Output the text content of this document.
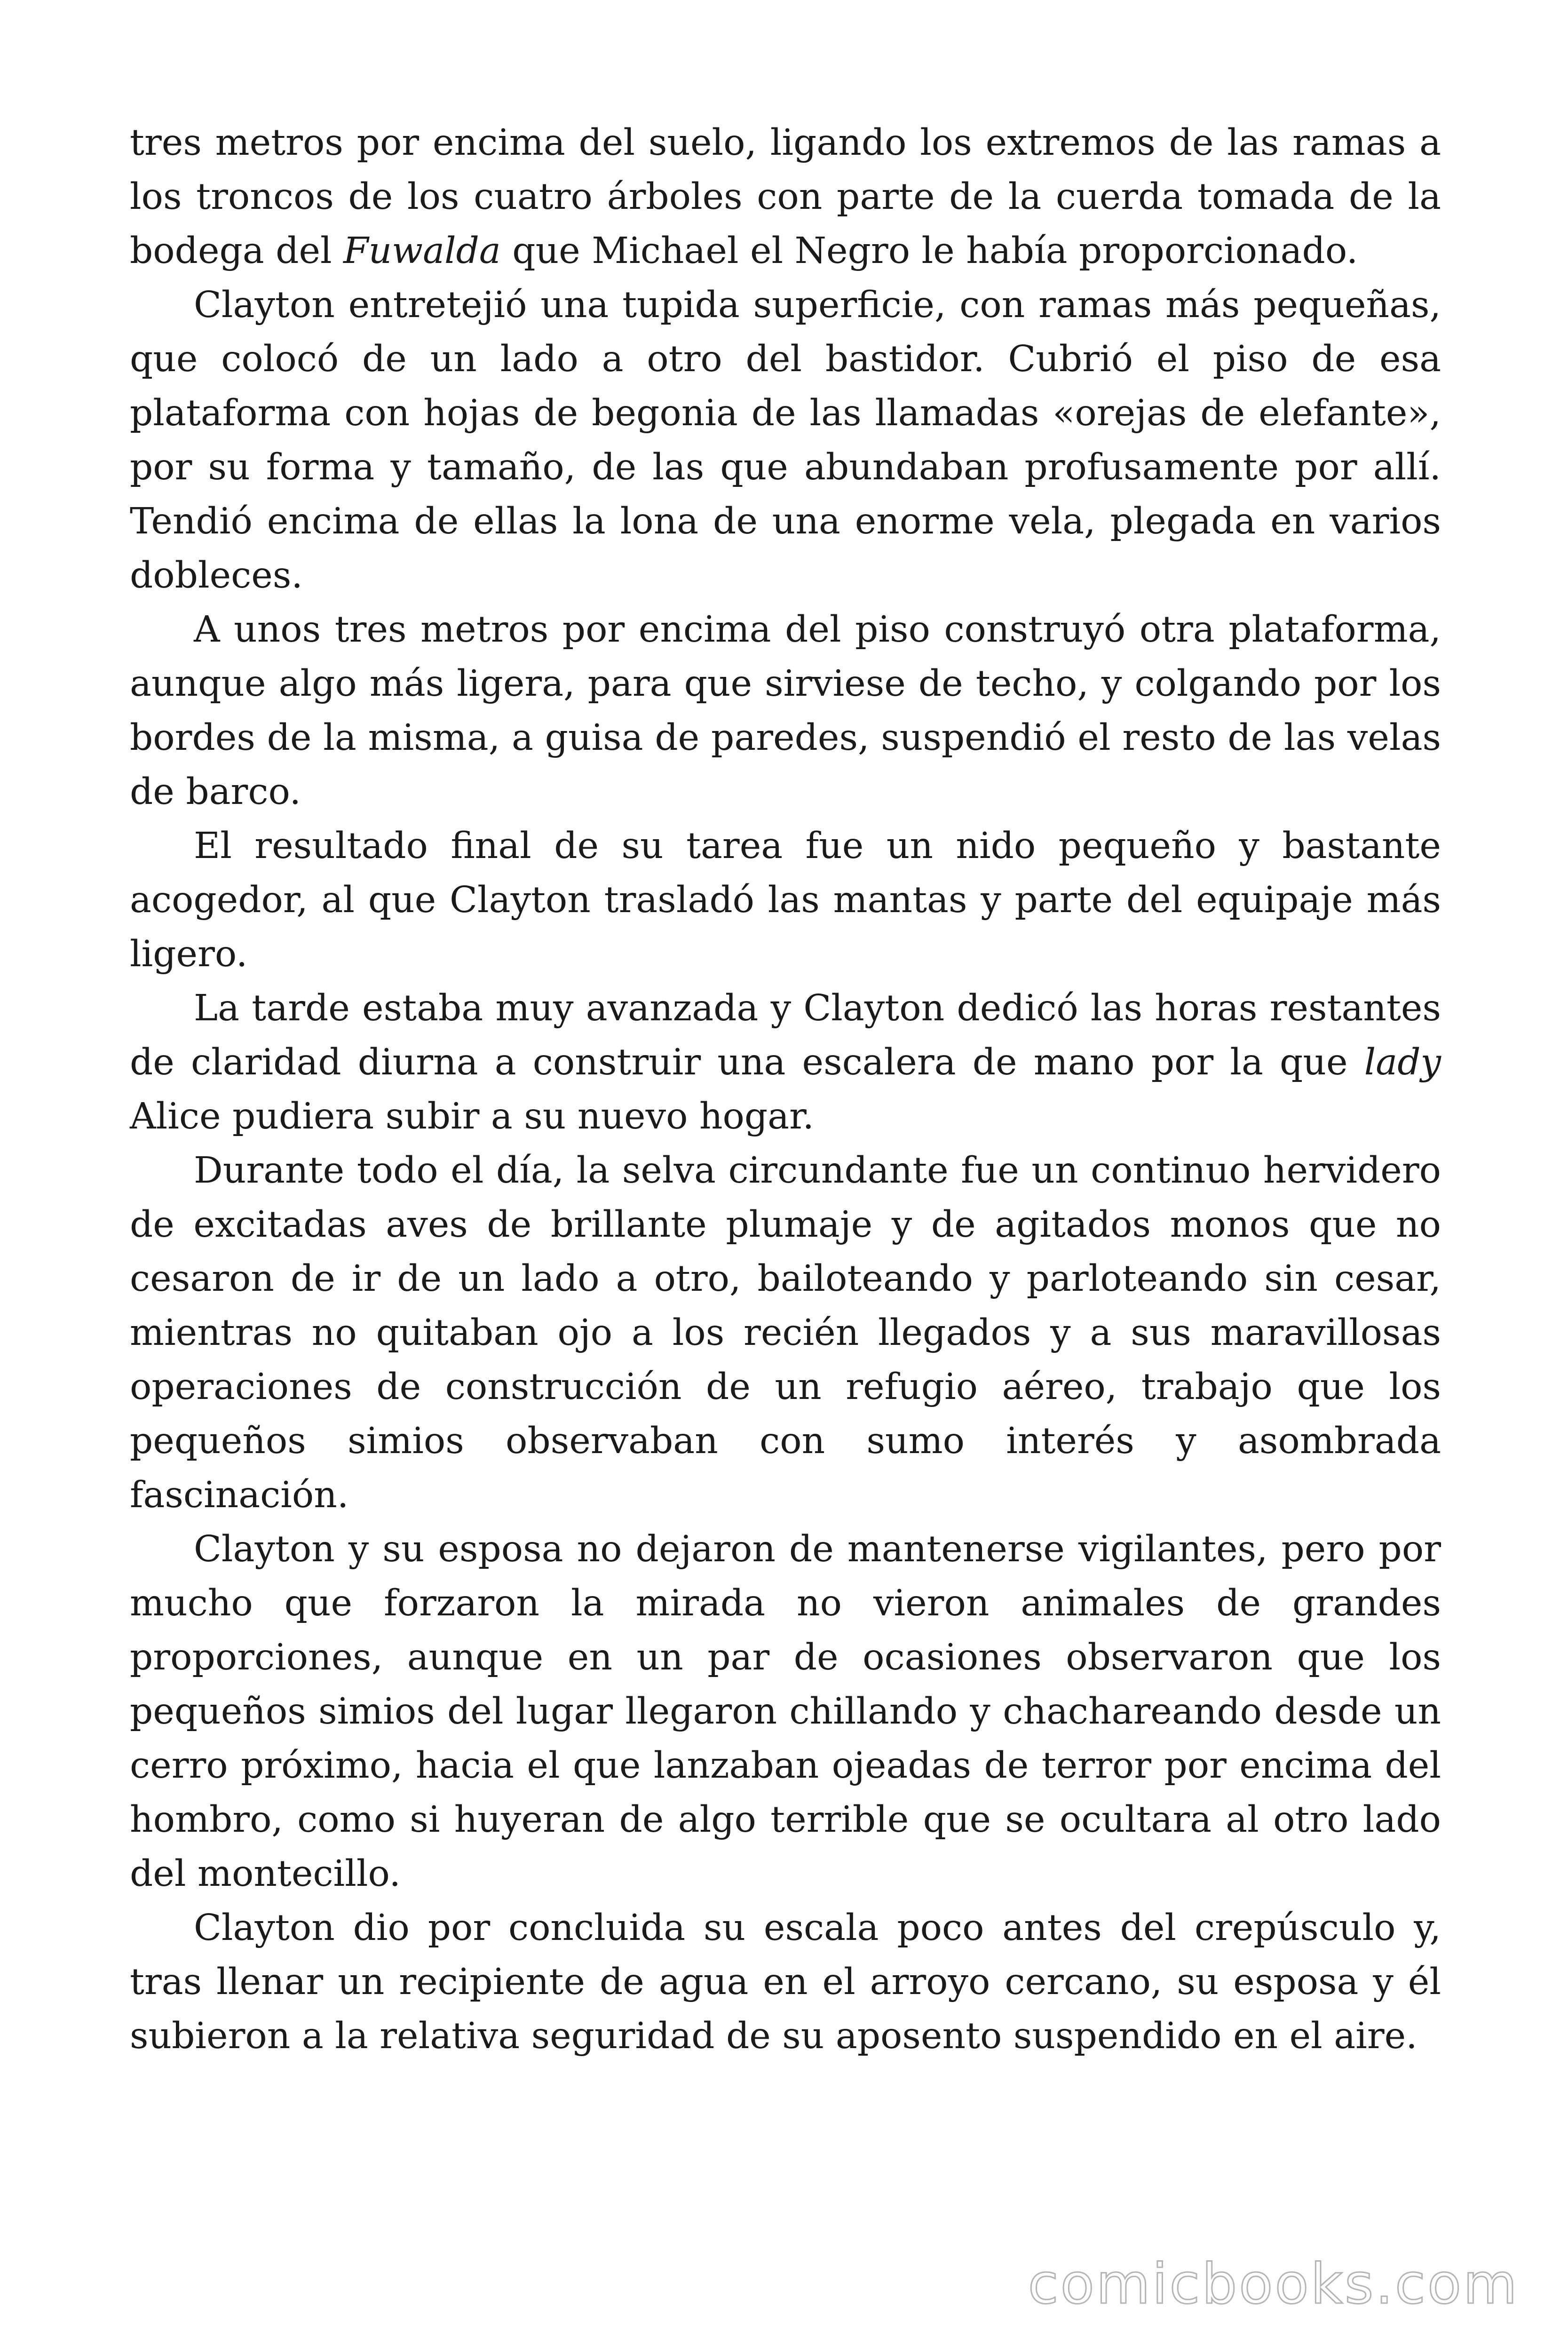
tres metros por encima del suelo, ligando los extremos de las ramas a los troncos de los cuatro árboles con parte de la cuerda tomada de la bodega del Fuwalda que Michael el Negro le había proporcionado.

Clayton entretejió una tupida superficie, con ramas más pequeñas, que colocó de un lado a otro del bastidor. Cubrió el piso de esa plataforma con hojas de begonia de las llamadas «orejas de elefante», por su forma y tamaño, de las que abundaban profusamente por allí. Tendió encima de ellas la lona de una enorme vela, plegada en varios dobleces.

A unos tres metros por encima del piso construyó otra plataforma, aunque algo más ligera, para que sirviese de techo, y colgando por los bordes de la misma, a guisa de paredes, suspendió el resto de las velas de barco.

El resultado final de su tarea fue un nido pequeño y bastante acogedor, al que Clayton trasladó las mantas y parte del equipaje más ligero.

La tarde estaba muy avanzada y Clayton dedicó las horas restantes de claridad diurna a construir una escalera de mano por la que lady Alice pudiera subir a su nuevo hogar.

Durante todo el día, la selva circundante fue un continuo hervidero de excitadas aves de brillante plumaje y de agitados monos que no cesaron de ir de un lado a otro, bailoteando y parloteando sin cesar, mientras no quitaban ojo a los recién llegados y a sus maravillosas operaciones de construcción de un refugio aéreo, trabajo que los pequeños simios observaban con sumo interés y asombrada fascinación.

Clayton y su esposa no dejaron de mantenerse vigilantes, pero por mucho que forzaron la mirada no vieron animales de grandes proporciones, aunque en un par de ocasiones observaron que los pequeños simios del lugar llegaron chillando y chachareando desde un cerro próximo, hacia el que lanzaban ojeadas de terror por encima del hombro, como si huyeran de algo terrible que se ocultara al otro lado del montecillo.

Clayton dio por concluida su escala poco antes del crepúsculo y, tras llenar un recipiente de agua en el arroyo cercano, su esposa y él subieron a la relativa seguridad de su aposento suspendido en el aire.

comicbooks.com
